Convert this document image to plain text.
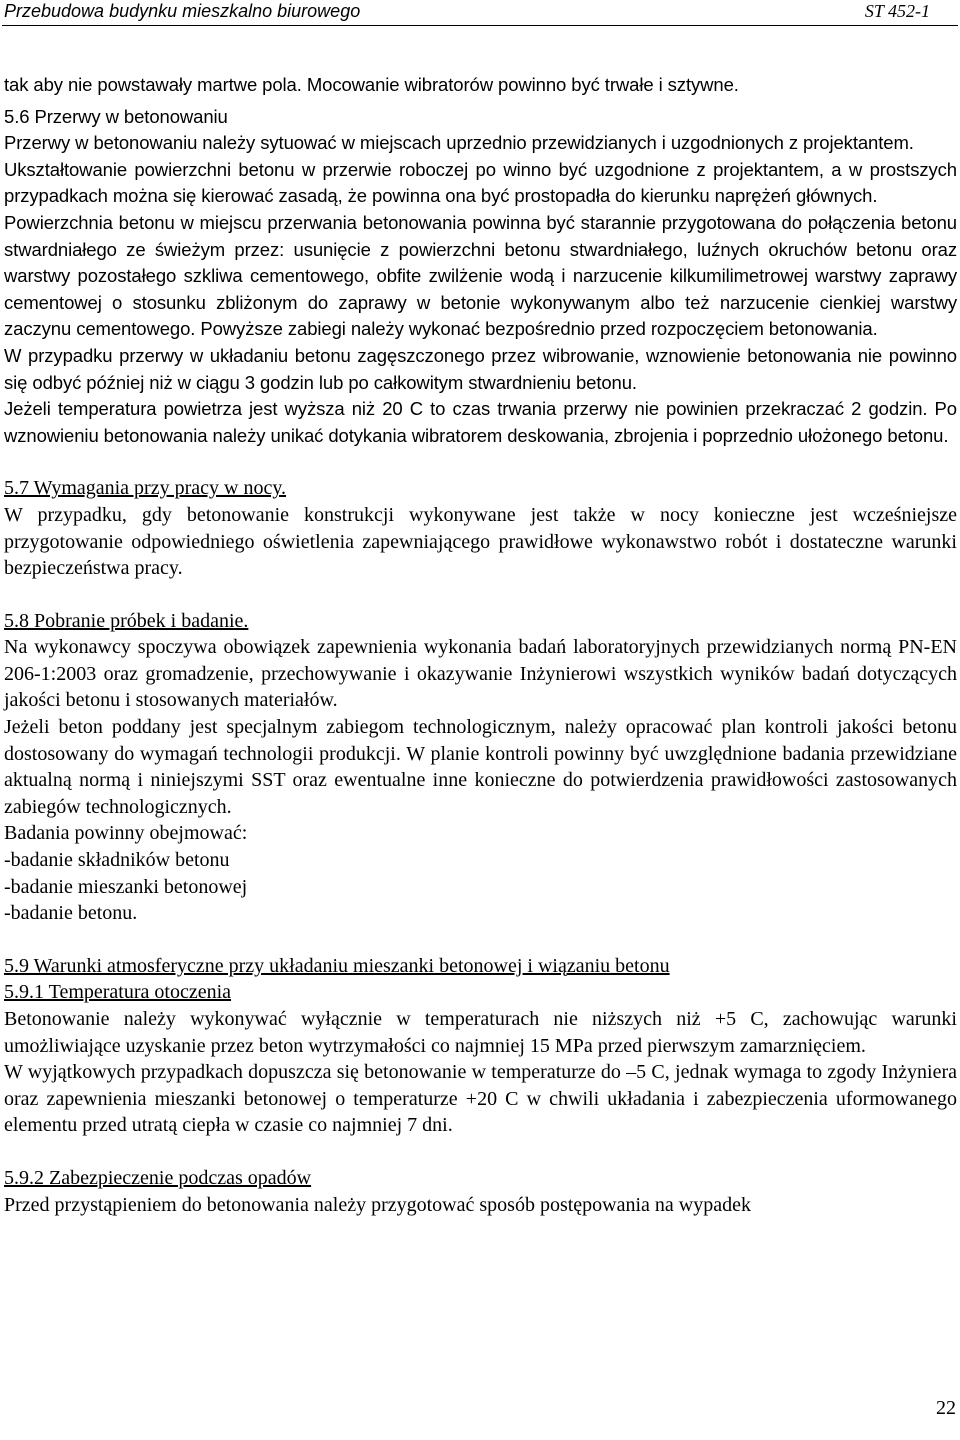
Przebudowa budynku mieszkalno biurowego	ST 452-1

tak aby nie powstawały martwe pola. Mocowanie wibratorów powinno być trwałe i sztywne.

5.6 Przerwy w betonowaniu

Przerwy w betonowaniu należy sytuować w miejscach uprzednio przewidzianych i uzgodnionych z projektantem.

Ukształtowanie powierzchni betonu w przerwie roboczej po winno być uzgodnione z projektantem, a w prostszych przypadkach można się kierować zasadą, że powinna ona być prostopadła do kierunku naprężeń głównych.

Powierzchnia betonu w miejscu przerwania betonowania powinna być starannie przygotowana do połączenia betonu stwardniałego ze świeżym przez: usunięcie z powierzchni betonu stwardniałego, luźnych okruchów betonu oraz warstwy pozostałego szkliwa cementowego, obfite zwilżenie wodą i narzucenie kilkumilimetrowej warstwy zaprawy cementowej o stosunku zbliżonym do zaprawy w betonie wykonywanym albo też narzucenie cienkiej warstwy zaczynu cementowego. Powyższe zabiegi należy wykonać bezpośrednio przed rozpoczęciem betonowania.

W przypadku przerwy w układaniu betonu zagęszczonego przez wibrowanie, wznowienie betonowania nie powinno się odbyć później niż w ciągu 3 godzin lub po całkowitym stwardnieniu betonu.

Jeżeli temperatura powietrza jest wyższa niż 20 C to czas trwania przerwy nie powinien przekraczać 2 godzin. Po wznowieniu betonowania należy unikać dotykania wibratorem deskowania, zbrojenia i poprzednio ułożonego betonu.

5.7 Wymagania przy pracy w nocy.

W przypadku, gdy betonowanie konstrukcji wykonywane jest także w nocy konieczne jest wcześniejsze przygotowanie odpowiedniego oświetlenia zapewniającego prawidłowe wykonawstwo robót i dostateczne warunki bezpieczeństwa pracy.

5.8 Pobranie próbek i badanie.

Na wykonawcy spoczywa obowiązek zapewnienia wykonania badań laboratoryjnych przewidzianych normą PN-EN 206-1:2003 oraz gromadzenie, przechowywanie i okazywanie Inżynierowi wszystkich wyników badań dotyczących jakości betonu i stosowanych materiałów.

Jeżeli beton poddany jest specjalnym zabiegom technologicznym, należy opracować plan kontroli jakości betonu dostosowany do wymagań technologii produkcji. W planie kontroli powinny być uwzględnione badania przewidziane aktualną normą i niniejszymi SST oraz ewentualne inne konieczne do potwierdzenia prawidłowości zastosowanych zabiegów technologicznych.

Badania powinny obejmować:

-badanie składników betonu

-badanie mieszanki betonowej

-badanie betonu.

5.9 Warunki atmosferyczne przy układaniu mieszanki betonowej i wiązaniu betonu

5.9.1 Temperatura otoczenia

Betonowanie należy wykonywać wyłącznie w temperaturach nie niższych niż +5 C, zachowując warunki umożliwiające uzyskanie przez beton wytrzymałości co najmniej 15 MPa przed pierwszym zamarznięciem.

W wyjątkowych przypadkach dopuszcza się betonowanie w temperaturze do –5 C, jednak wymaga to zgody Inżyniera oraz zapewnienia mieszanki betonowej o temperaturze +20 C w chwili układania i zabezpieczenia uformowanego elementu przed utratą ciepła w czasie co najmniej 7 dni.

5.9.2 Zabezpieczenie podczas opadów

Przed przystąpieniem do betonowania należy przygotować sposób postępowania na wypadek

22
